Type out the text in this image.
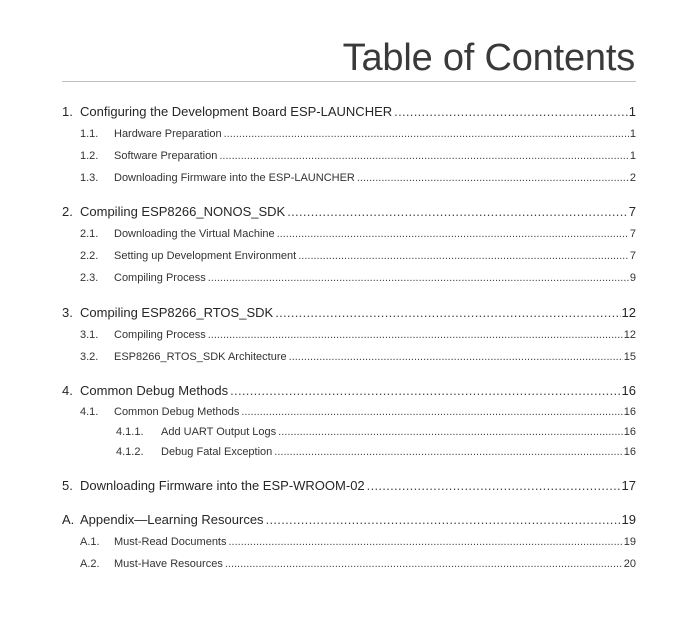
Table of Contents
1. Configuring the Development Board ESP-LAUNCHER .....	1
1.1.	Hardware Preparation .....	1
1.2.	Software Preparation .....	1
1.3.	Downloading Firmware into the ESP-LAUNCHER .....	2
2. Compiling ESP8266_NONOS_SDK .....	7
2.1.	Downloading the Virtual Machine .....	7
2.2.	Setting up Development Environment .....	7
2.3.	Compiling Process .....	9
3. Compiling ESP8266_RTOS_SDK .....	12
3.1.	Compiling Process .....	12
3.2.	ESP8266_RTOS_SDK Architecture .....	15
4. Common Debug Methods .....	16
4.1.	Common Debug Methods .....	16
4.1.1.	Add UART Output Logs .....	16
4.1.2.	Debug Fatal Exception .....	16
5. Downloading Firmware into the ESP-WROOM-02 .....	17
A. Appendix—Learning Resources .....	19
A.1.	Must-Read Documents .....	19
A.2.	Must-Have Resources .....	20
